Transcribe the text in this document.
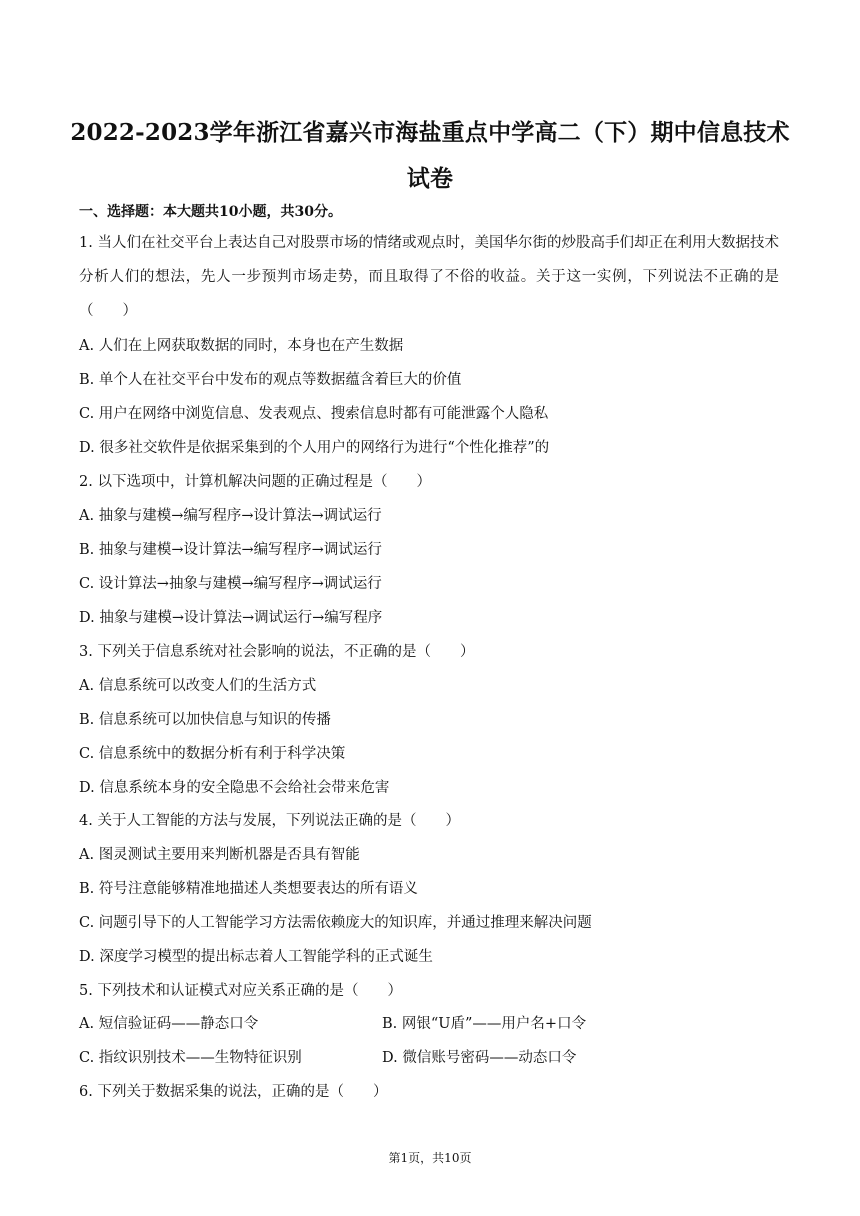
2022-2023学年浙江省嘉兴市海盐重点中学高二（下）期中信息技术试卷
一、选择题：本大题共10小题，共30分。
1. 当人们在社交平台上表达自己对股票市场的情绪或观点时，美国华尔街的炒股高手们却正在利用大数据技术分析人们的想法，先人一步预判市场走势，而且取得了不俗的收益。关于这一实例，下列说法不正确的是（　　）
A. 人们在上网获取数据的同时，本身也在产生数据
B. 单个人在社交平台中发布的观点等数据蕴含着巨大的价值
C. 用户在网络中浏览信息、发表观点、搜索信息时都有可能泄露个人隐私
D. 很多社交软件是依据采集到的个人用户的网络行为进行“个性化推荐”的
2. 以下选项中，计算机解决问题的正确过程是（　　）
A. 抽象与建模→编写程序→设计算法→调试运行
B. 抽象与建模→设计算法→编写程序→调试运行
C. 设计算法→抽象与建模→编写程序→调试运行
D. 抽象与建模→设计算法→调试运行→编写程序
3. 下列关于信息系统对社会影响的说法，不正确的是（　　）
A. 信息系统可以改变人们的生活方式
B. 信息系统可以加快信息与知识的传播
C. 信息系统中的数据分析有利于科学决策
D. 信息系统本身的安全隐患不会给社会带来危害
4. 关于人工智能的方法与发展，下列说法正确的是（　　）
A. 图灵测试主要用来判断机器是否具有智能
B. 符号注意能够精准地描述人类想要表达的所有语义
C. 问题引导下的人工智能学习方法需依赖庞大的知识库，并通过推理来解决问题
D. 深度学习模型的提出标志着人工智能学科的正式诞生
5. 下列技术和认证模式对应关系正确的是（　　）
A. 短信验证码——静态口令	B. 网银“U盾”——用户名+口令
C. 指纹识别技术——生物特征识别	D. 微信账号密码——动态口令
6. 下列关于数据采集的说法，正确的是（　　）
第1页，共10页
